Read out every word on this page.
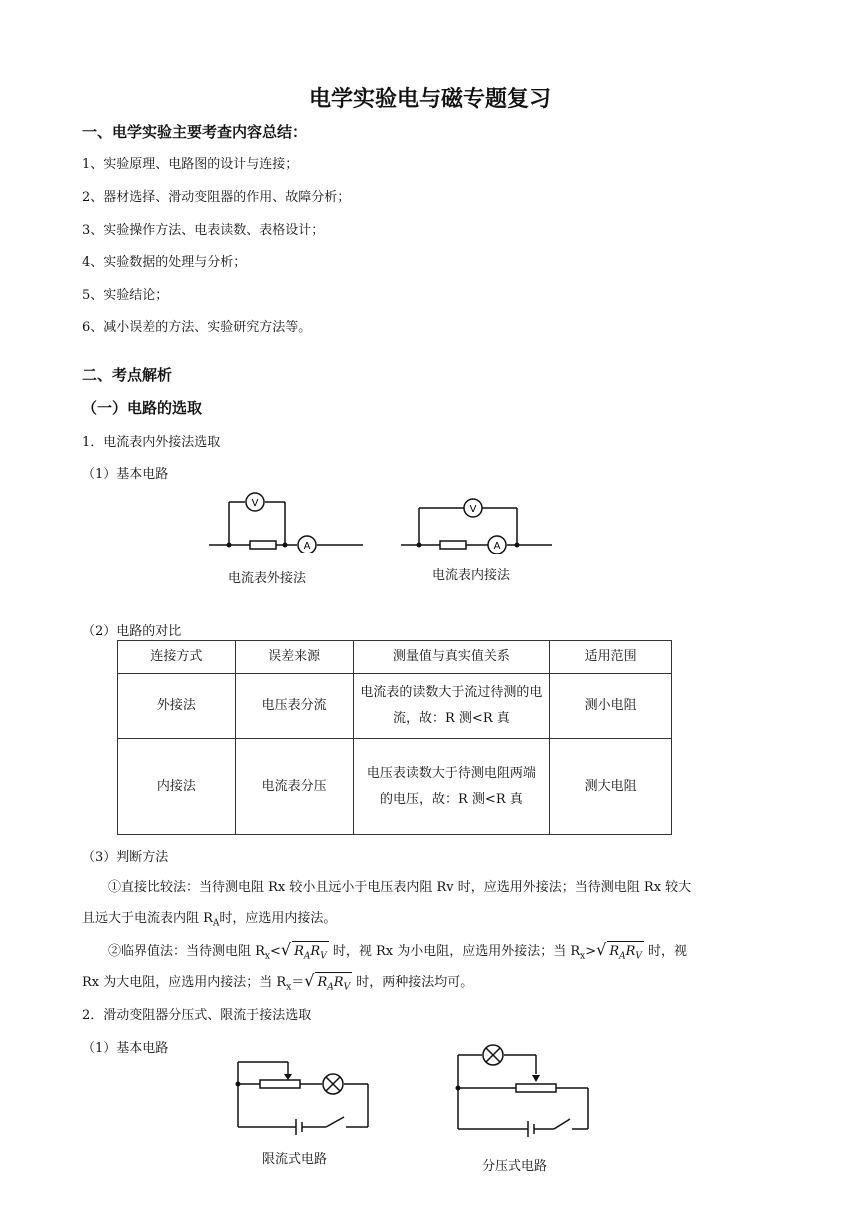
电学实验电与磁专题复习
一、电学实验主要考查内容总结：
1、实验原理、电路图的设计与连接；
2、器材选择、滑动变阻器的作用、故障分析；
3、实验操作方法、电表读数、表格设计；
4、实验数据的处理与分析；
5、实验结论；
6、减小误差的方法、实验研究方法等。
二、考点解析
（一）电路的选取
1．电流表内外接法选取
（1）基本电路
V
A
电流表外接法
V
A
电流表内接法
（2）电路的对比
连接方式	误差来源	测量值与真实值关系	适用范围
外接法	电压表分流	电流表的读数大于流过待测的电流，故：R 测<R 真	测小电阻
内接法	电流表分压	电压表读数大于待测电阻两端的电压，故：R 测<R 真	测大电阻
（3）判断方法
①直接比较法：当待测电阻 Rx 较小且远小于电压表内阻 Rv 时，应选用外接法；当待测电阻 Rx 较大
且远大于电流表内阻 $R_A$时，应选用内接法。
②临界值法：当待测电阻 $R_x<√$ $R_AR_V$ 时，视 Rx 为小电阻，应选用外接法；当 $R_x>√$ $R_AR_V$ 时，视
Rx 为大电阻，应选用内接法；当 $R_x=√$ $R_AR_V$ 时，两种接法均可。
2．滑动变阻器分压式、限流于接法选取
（1）基本电路
限流式电路	分压式电路
